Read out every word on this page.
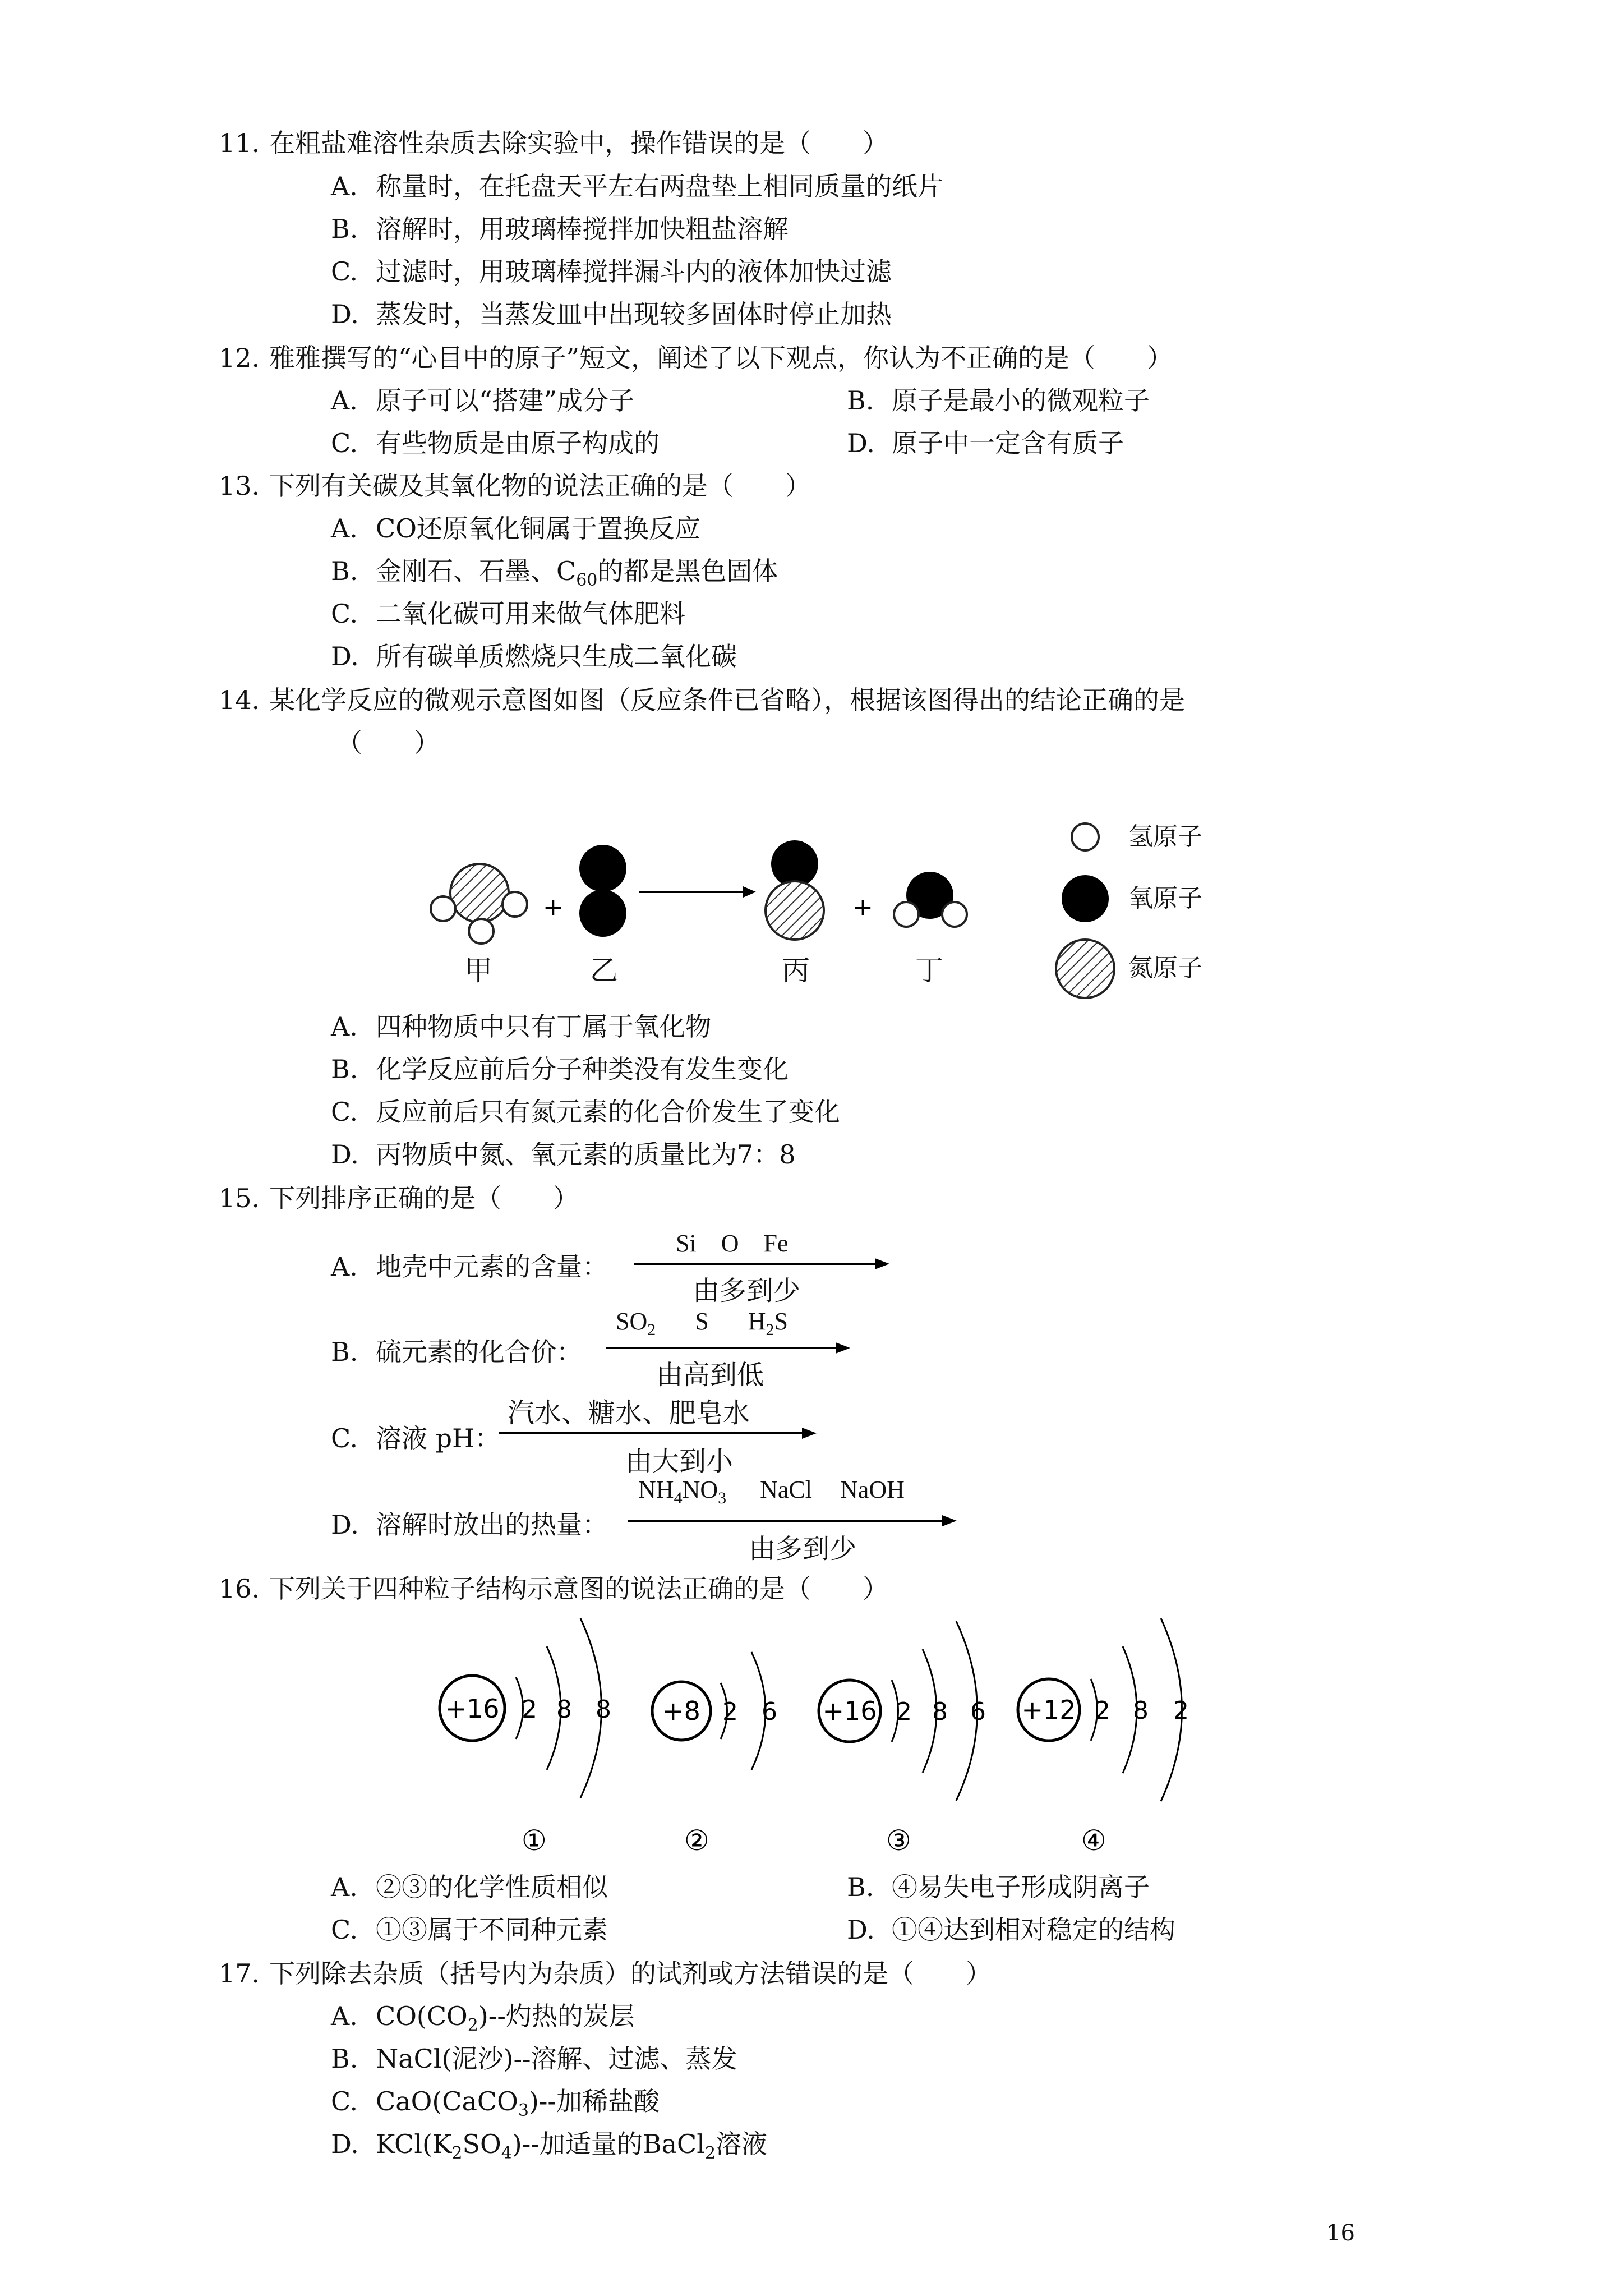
11. 在粗盐难溶性杂质去除实验中，操作错误的是（　　）
A. 称量时，在托盘天平左右两盘垫上相同质量的纸片
B. 溶解时，用玻璃棒搅拌加快粗盐溶解
C. 过滤时，用玻璃棒搅拌漏斗内的液体加快过滤
D. 蒸发时，当蒸发皿中出现较多固体时停止加热
12. 雅雅撰写的“心目中的原子”短文，阐述了以下观点，你认为不正确的是（　　）
A. 原子可以“搭建”成分子	B. 原子是最小的微观粒子
C. 有些物质是由原子构成的	D. 原子中一定含有质子
13. 下列有关碳及其氧化物的说法正确的是（　　）
A. CO还原氧化铜属于置换反应
B. 金刚石、石墨、$C_{60}$的都是黑色固体
C. 二氧化碳可用来做气体肥料
D. 所有碳单质燃烧只生成二氧化碳
14. 某化学反应的微观示意图如图（反应条件已省略），根据该图得出的结论正确的是
（　　）
+	+
甲	乙	丙	丁
氢原子
氧原子
氮原子
A. 四种物质中只有丁属于氧化物
B. 化学反应前后分子种类没有发生变化
C. 反应前后只有氮元素的化合价发生了变化
D. 丙物质中氮、氧元素的质量比为7：8
15. 下列排序正确的是（　　）
A. 地壳中元素的含量：
Si　O　Fe
由多到少
B. 硫元素的化合价：
$SO_2$ S $H_2S$
由高到低
C. 溶液 pH：
汽水、糖水、肥皂水
由大到小
D. 溶解时放出的热量：
$NH_4NO_3$ NaCl NaOH
由多到少
16. 下列关于四种粒子结构示意图的说法正确的是（　　）
+16 2 8 8
①
+8 2 6
②
+16 2 8 6
③
+12 2 8 2
④
A. ②③的化学性质相似	B. ④易失电子形成阴离子
C. ①③属于不同种元素	D. ①④达到相对稳定的结构
17. 下列除去杂质（括号内为杂质）的试剂或方法错误的是（　　）
A. $CO(CO_2)--$灼热的炭层
B. NaCl(泥沙)--溶解、过滤、蒸发
C. CaO(CaCO$_3$)--加稀盐酸
D. $KCl(K_2SO_4)--$加适量的BaCl$_2$溶液
16
